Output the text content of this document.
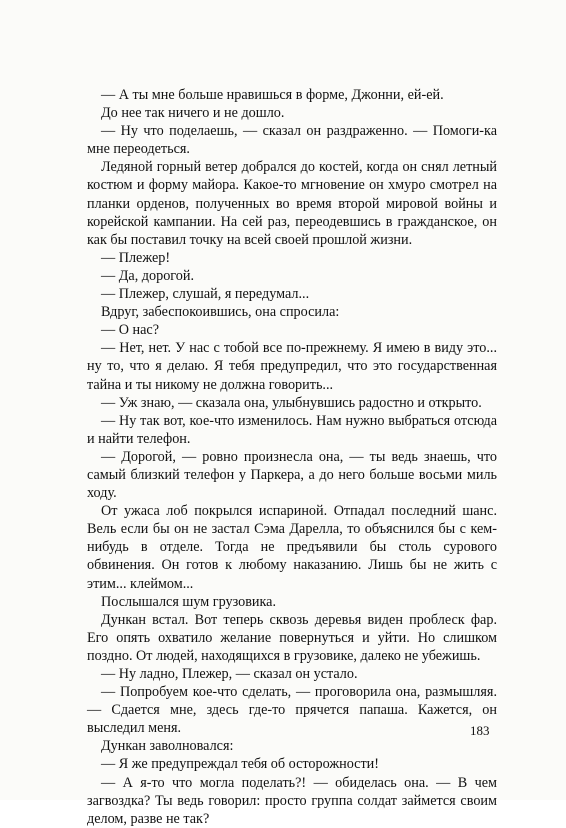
— А ты мне больше нравишься в форме, Джонни, ей-ей.

До нее так ничего и не дошло.

— Ну что поделаешь, — сказал он раздраженно. — Помоги-ка мне переодеться.

Ледяной горный ветер добрался до костей, когда он снял летный костюм и форму майора. Какое-то мгновение он хмуро смотрел на планки орденов, полученных во время второй мировой войны и корейской кампании. На сей раз, переодевшись в гражданское, он как бы поставил точку на всей своей прошлой жизни.

— Плежер!

— Да, дорогой.

— Плежер, слушай, я передумал...

Вдруг, забеспокоившись, она спросила:

— О нас?

— Нет, нет. У нас с тобой все по-прежнему. Я имею в виду это... ну то, что я делаю. Я тебя предупредил, что это государственная тайна и ты никому не должна говорить...

— Уж знаю, — сказала она, улыбнувшись радостно и открыто.

— Ну так вот, кое-что изменилось. Нам нужно выбраться отсюда и найти телефон.

— Дорогой, — ровно произнесла она, — ты ведь знаешь, что самый близкий телефон у Паркера, а до него больше восьми миль ходу.

От ужаса лоб покрылся испариной. Отпадал последний шанс. Вель если бы он не застал Сэма Дарелла, то объяснился бы с кем-нибудь в отделе. Тогда не предъявили бы столь сурового обвинения. Он готов к любому наказанию. Лишь бы не жить с этим... клеймом...

Послышался шум грузовика.

Дункан встал. Вот теперь сквозь деревья виден проблеск фар. Его опять охватило желание повернуться и уйти. Но слишком поздно. От людей, находящихся в грузовике, далеко не убежишь.

— Ну ладно, Плежер, — сказал он устало.

— Попробуем кое-что сделать, — проговорила она, размышляя. — Сдается мне, здесь где-то прячется папаша. Кажется, он выследил меня.

Дункан заволновался:

— Я же предупреждал тебя об осторожности!

— А я-то что могла поделать?! — обиделась она. — В чем загвоздка? Ты ведь говорил: просто группа солдат займется своим делом, разве не так?

183
